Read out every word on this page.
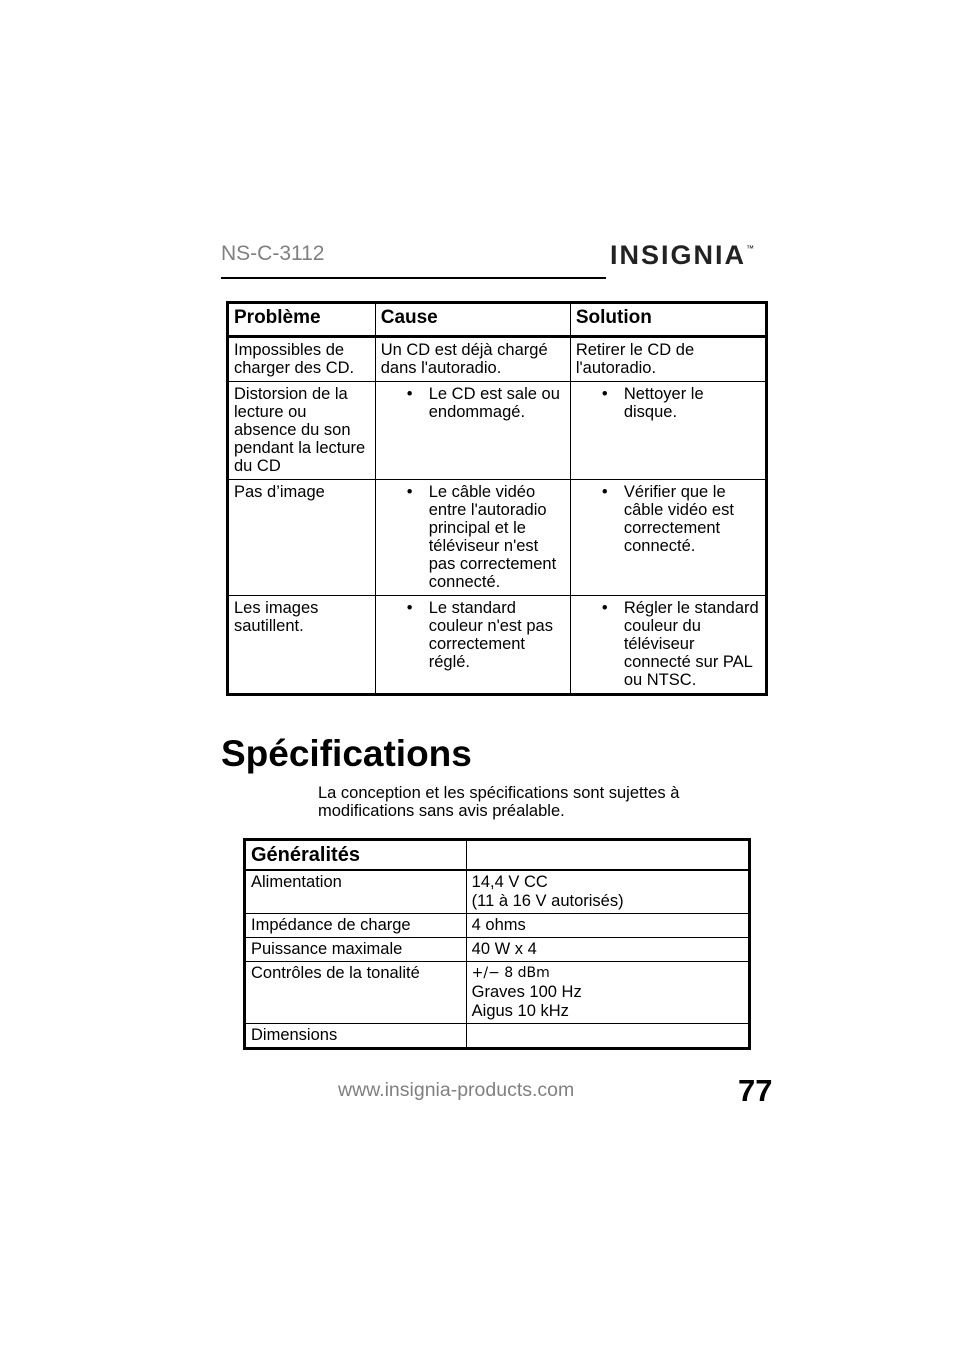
NS-C-3112	INSIGNIA™
Problème	Cause	Solution
Impossibles de charger des CD.	Un CD est déjà chargé dans l'autoradio.	Retirer le CD de l'autoradio.
Distorsion de la lecture ou absence du son pendant la lecture du CD	• Le CD est sale ou endommagé.	• Nettoyer le disque.

Pas d’image	• Le câble vidéo entre l'autoradio principal et le téléviseur n'est pas correctement connecté.	• Vérifier que le câble vidéo est correctement connecté.

Les images sautillent.	• Le standard couleur n'est pas correctement réglé.	• Régler le standard couleur du téléviseur connecté sur PAL ou NTSC.
Spécifications
La conception et les spécifications sont sujettes à modifications sans avis préalable.
Généralités	
Alimentation	14,4 V CC
(11 à 16 V autorisés)

Impédance de charge	4 ohms
Puissance maximale	40 W x 4
Contrôles de la tonalité	+/− 8 dBm
Graves 100 Hz
Aigus 10 kHz

Dimensions	
www.insignia-products.com	77
